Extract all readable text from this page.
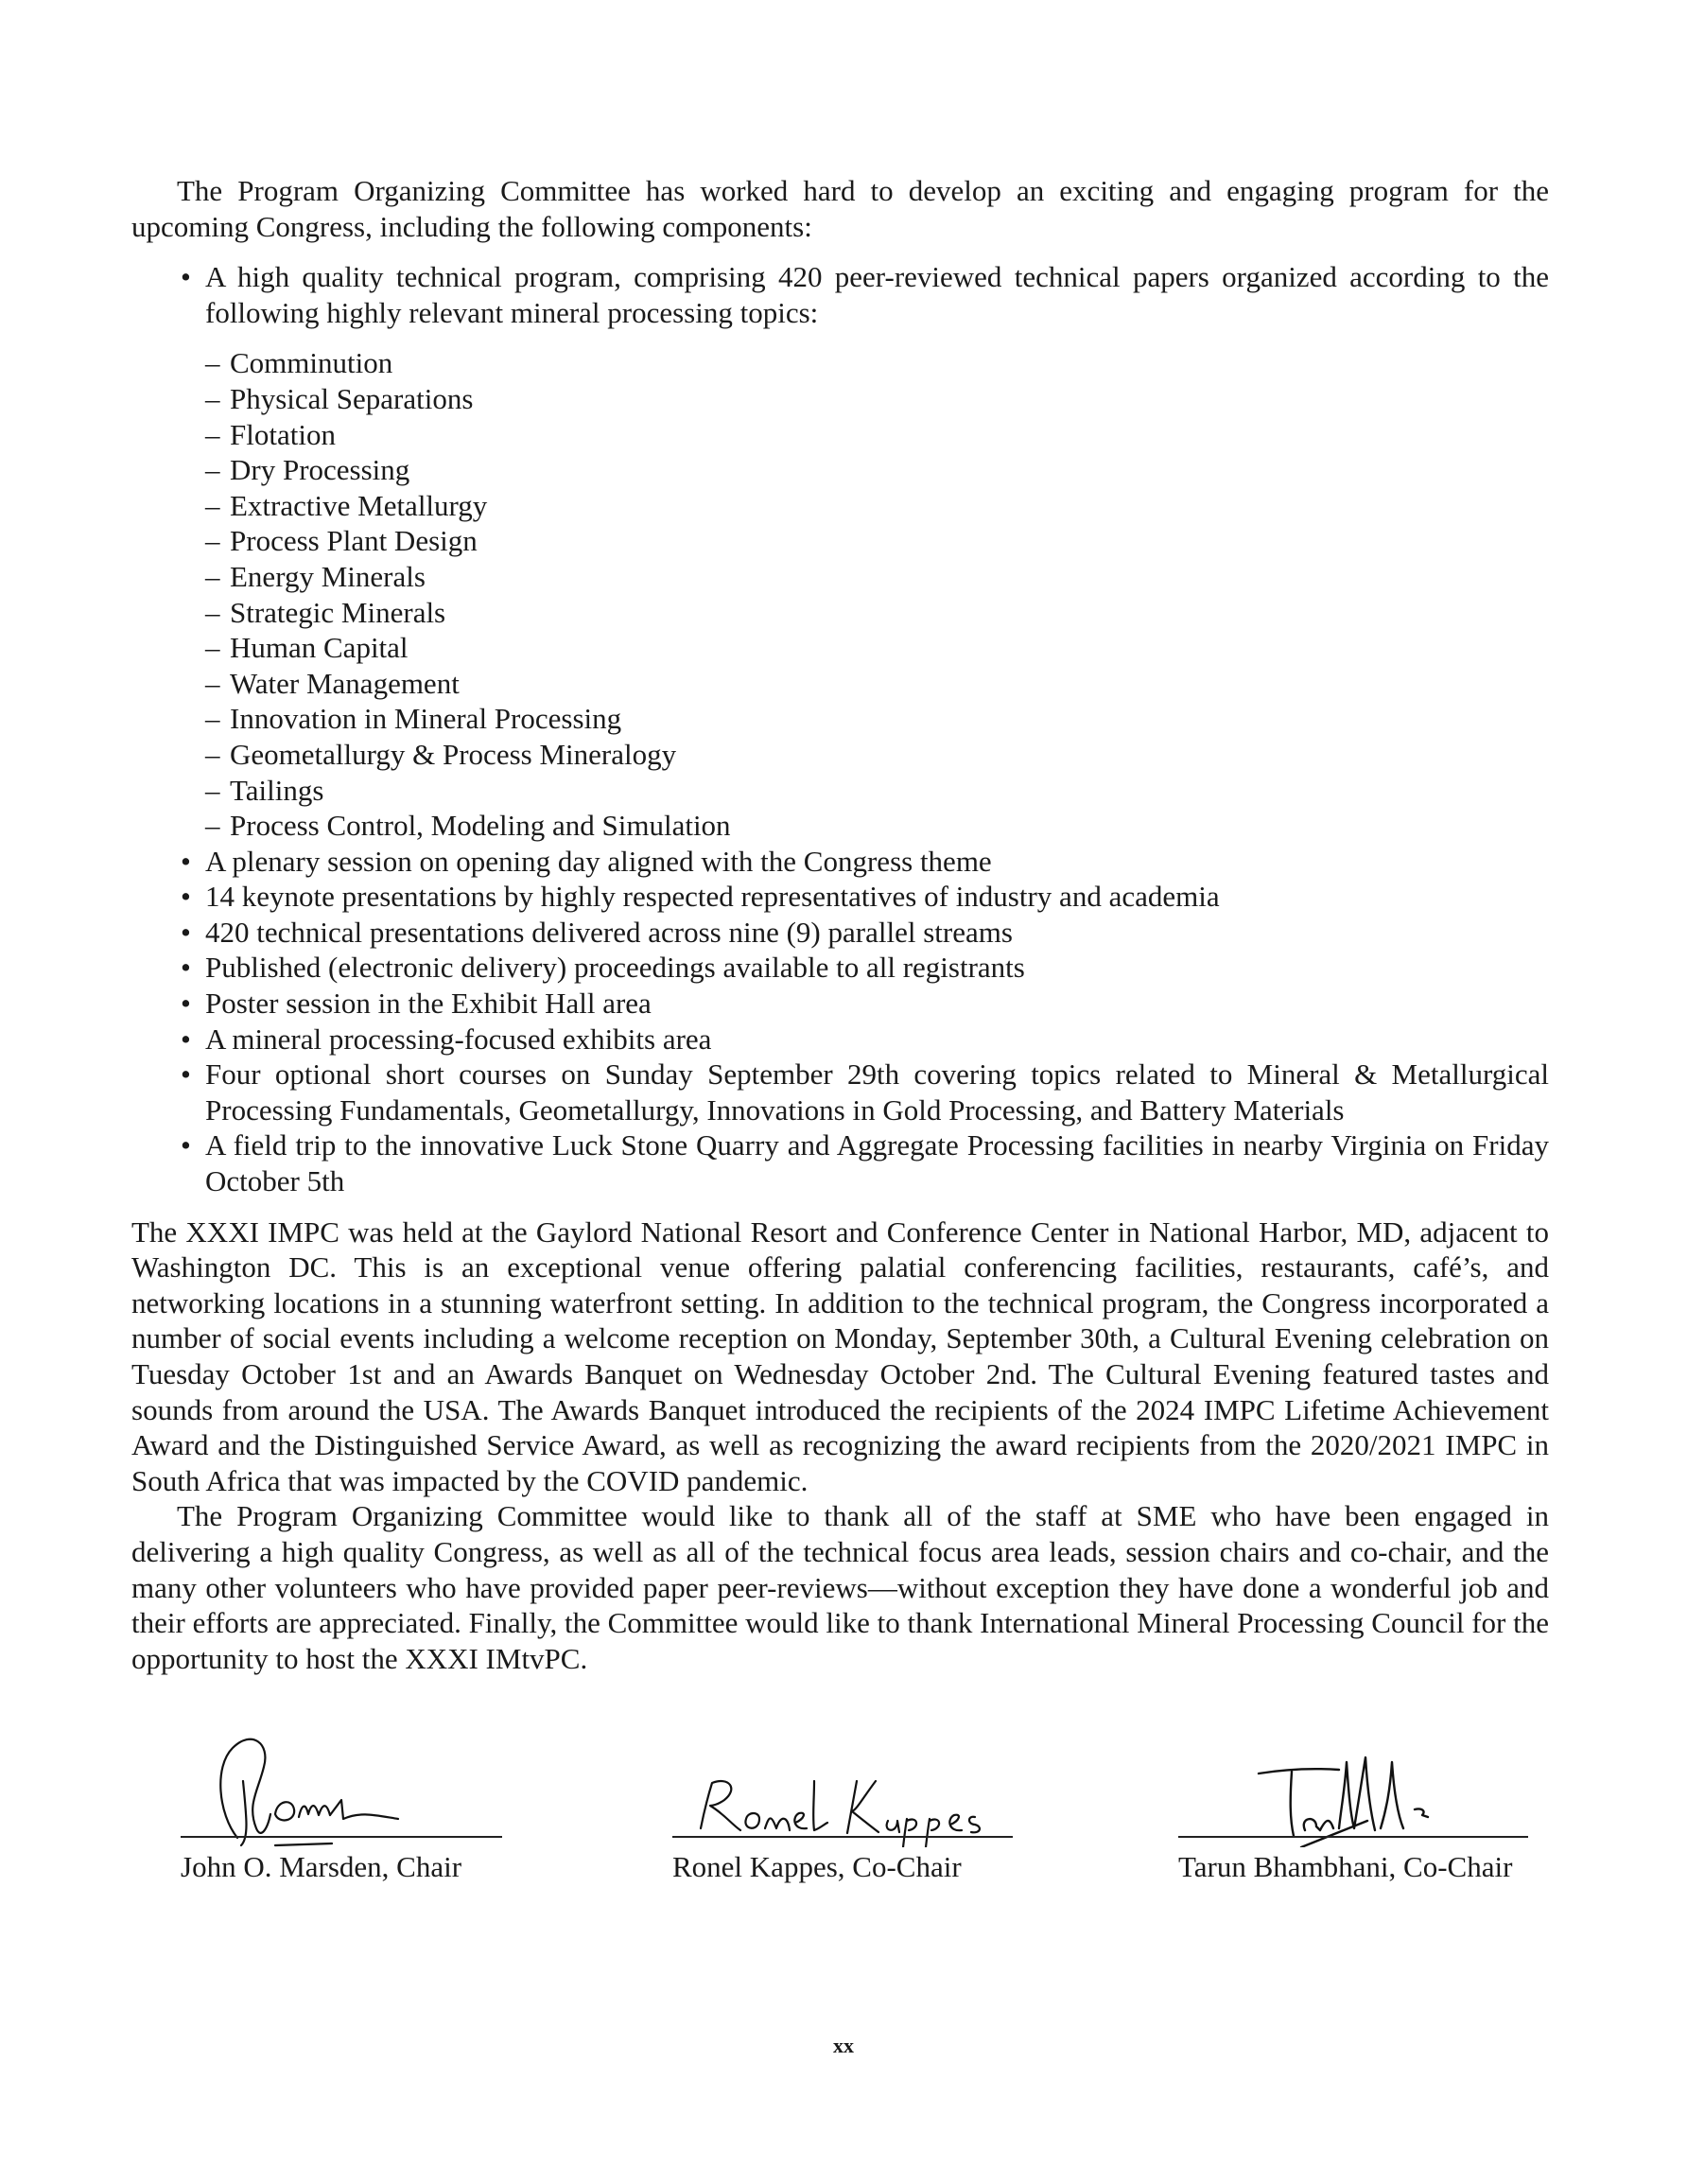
The Program Organizing Committee has worked hard to develop an exciting and engaging program for the upcoming Congress, including the following components:

• A high quality technical program, comprising 420 peer-reviewed technical papers organized according to the following highly relevant mineral processing topics:
– Comminution
– Physical Separations
– Flotation
– Dry Processing
– Extractive Metallurgy
– Process Plant Design
– Energy Minerals
– Strategic Minerals
– Human Capital
– Water Management
– Innovation in Mineral Processing
– Geometallurgy & Process Mineralogy
– Tailings
– Process Control, Modeling and Simulation
• A plenary session on opening day aligned with the Congress theme
• 14 keynote presentations by highly respected representatives of industry and academia
• 420 technical presentations delivered across nine (9) parallel streams
• Published (electronic delivery) proceedings available to all registrants
• Poster session in the Exhibit Hall area
• A mineral processing-focused exhibits area
• Four optional short courses on Sunday September 29th covering topics related to Mineral & Metallurgical Processing Fundamentals, Geometallurgy, Innovations in Gold Processing, and Battery Materials
• A field trip to the innovative Luck Stone Quarry and Aggregate Processing facilities in nearby Virginia on Friday October 5th

The XXXI IMPC was held at the Gaylord National Resort and Conference Center in National Harbor, MD, adjacent to Washington DC. This is an exceptional venue offering palatial conferencing facilities, restaurants, café’s, and networking locations in a stunning waterfront setting. In addition to the technical program, the Congress incorporated a number of social events including a welcome reception on Monday, September 30th, a Cultural Evening celebration on Tuesday October 1st and an Awards Banquet on Wednesday October 2nd. The Cultural Evening featured tastes and sounds from around the USA. The Awards Banquet introduced the recipients of the 2024 IMPC Lifetime Achievement Award and the Distinguished Service Award, as well as recognizing the award recipients from the 2020/2021 IMPC in South Africa that was impacted by the COVID pandemic.

The Program Organizing Committee would like to thank all of the staff at SME who have been engaged in delivering a high quality Congress, as well as all of the technical focus area leads, session chairs and co-chair, and the many other volunteers who have provided paper peer-reviews—without exception they have done a wonderful job and their efforts are appreciated. Finally, the Committee would like to thank International Mineral Processing Council for the opportunity to host the XXXI IMtvPC.

John O. Marsden, Chair
Ronel Kappes
Ronel Kappes, Co-Chair	Tarun Bhambhani, Co-Chair
xx
